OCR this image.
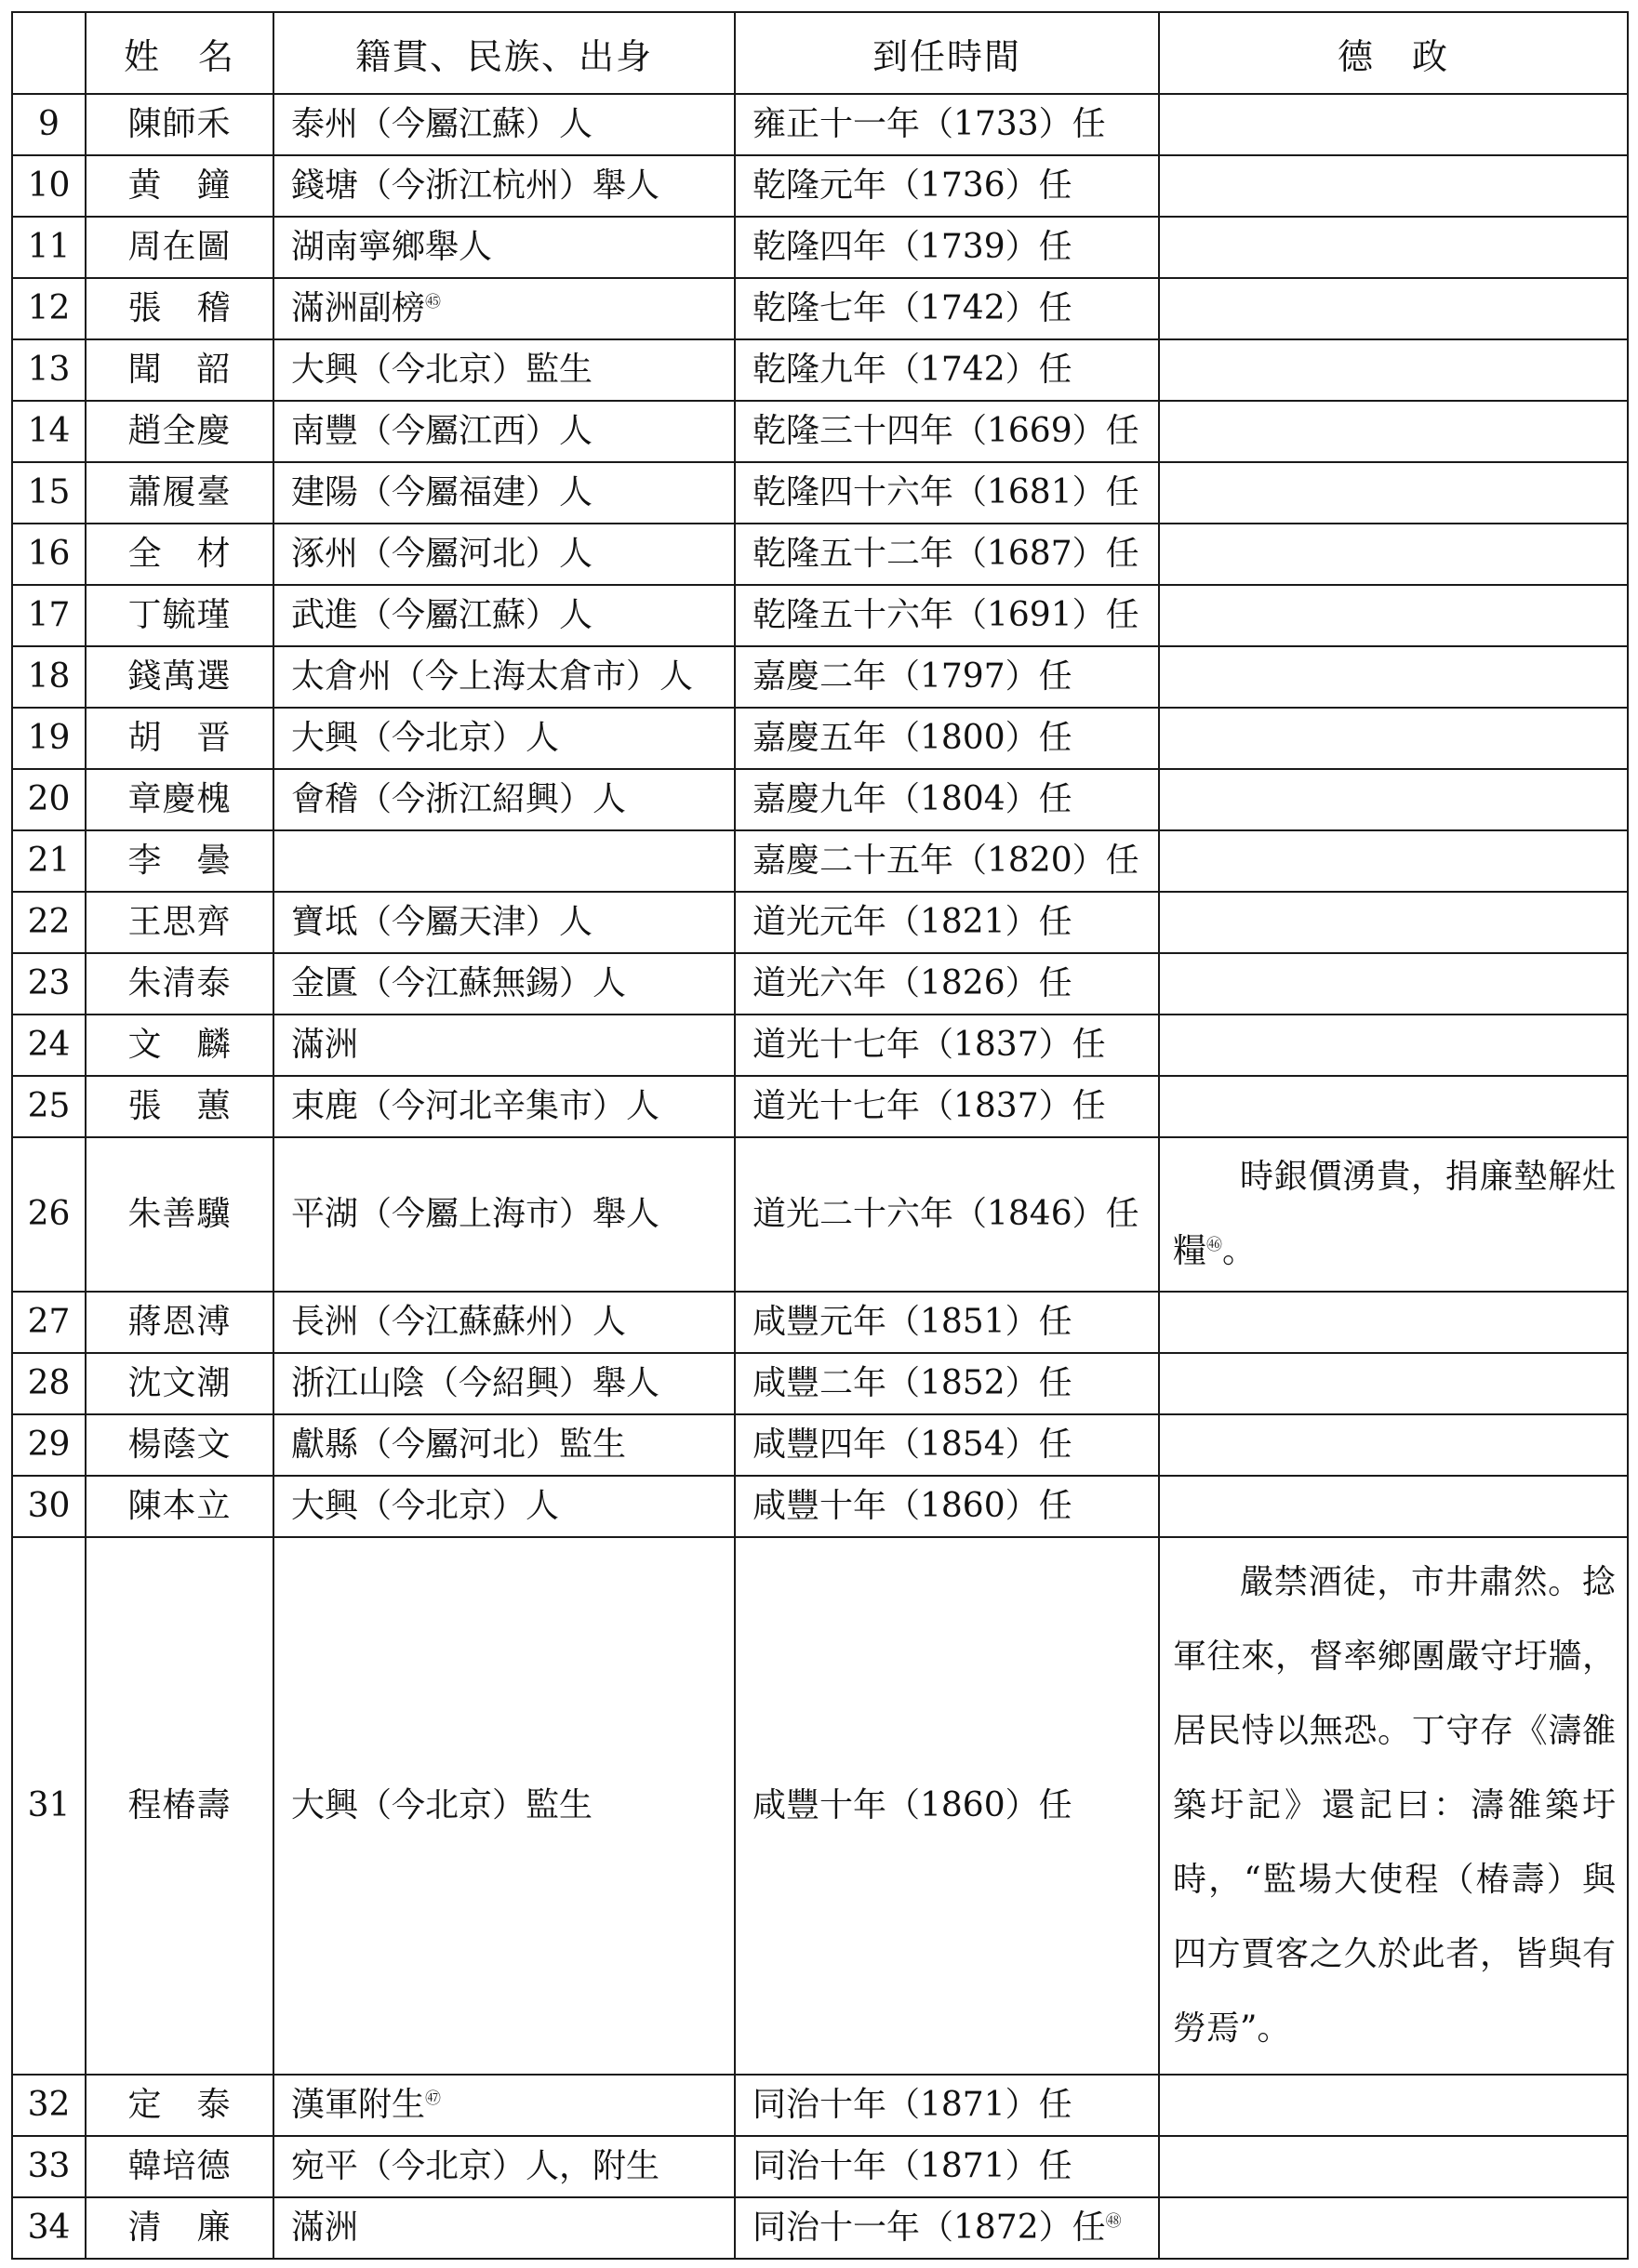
	姓　名	籍貫、民族、出身	到任時間	德　政
9	陳師禾	泰州（今屬江蘇）人	雍正十一年（1733）任	
10	黄　鐘	錢塘（今浙江杭州）舉人	乾隆元年（1736）任	
11	周在圖	湖南寧鄉舉人	乾隆四年（1739）任	
12	張　稽	滿洲副榜$^㊺$	乾隆七年（1742）任	
13	聞　韶	大興（今北京）監生	乾隆九年（1742）任	
14	趙全慶	南豐（今屬江西）人	乾隆三十四年（1669）任	
15	蕭履臺	建陽（今屬福建）人	乾隆四十六年（1681）任	
16	全　材	涿州（今屬河北）人	乾隆五十二年（1687）任	
17	丁毓瑾	武進（今屬江蘇）人	乾隆五十六年（1691）任	
18	錢萬選	太倉州（今上海太倉市）人	嘉慶二年（1797）任	
19	胡　晋	大興（今北京）人	嘉慶五年（1800）任	
20	章慶槐	會稽（今浙江紹興）人	嘉慶九年（1804）任	
21	李　曇		嘉慶二十五年（1820）任	
22	王思齊	寶坻（今屬天津）人	道光元年（1821）任	
23	朱清泰	金匱（今江蘇無錫）人	道光六年（1826）任	
24	文　麟	滿洲	道光十七年（1837）任	
25	張　蕙	束鹿（今河北辛集市）人	道光十七年（1837）任	
26	朱善驥	平湖（今屬上海市）舉人	道光二十六年（1846）任	時銀價湧貴，捐廉墊解灶糧$^㊻$。

27	蔣恩溥	長洲（今江蘇蘇州）人	咸豐元年（1851）任	
28	沈文潮	浙江山陰（今紹興）舉人	咸豐二年（1852）任	
29	楊蔭文	獻縣（今屬河北）監生	咸豐四年（1854）任	
30	陳本立	大興（今北京）人	咸豐十年（1860）任	
31	程椿壽	大興（今北京）監生	咸豐十年（1860）任	嚴禁酒徒，市井肅然。捻軍往來，督率鄉團嚴守圩牆，居民恃以無恐。丁守存《濤雒築圩記》還記曰：濤雒築圩時，“監場大使程（椿壽）與四方賈客之久於此者，皆與有勞焉”。

32	定　泰	漢軍附生$^㊼$	同治十年（1871）任	
33	韓培德	宛平（今北京）人，附生	同治十年（1871）任	
34	清　廉	滿洲	同治十一年（1872）任$^㊽$	
